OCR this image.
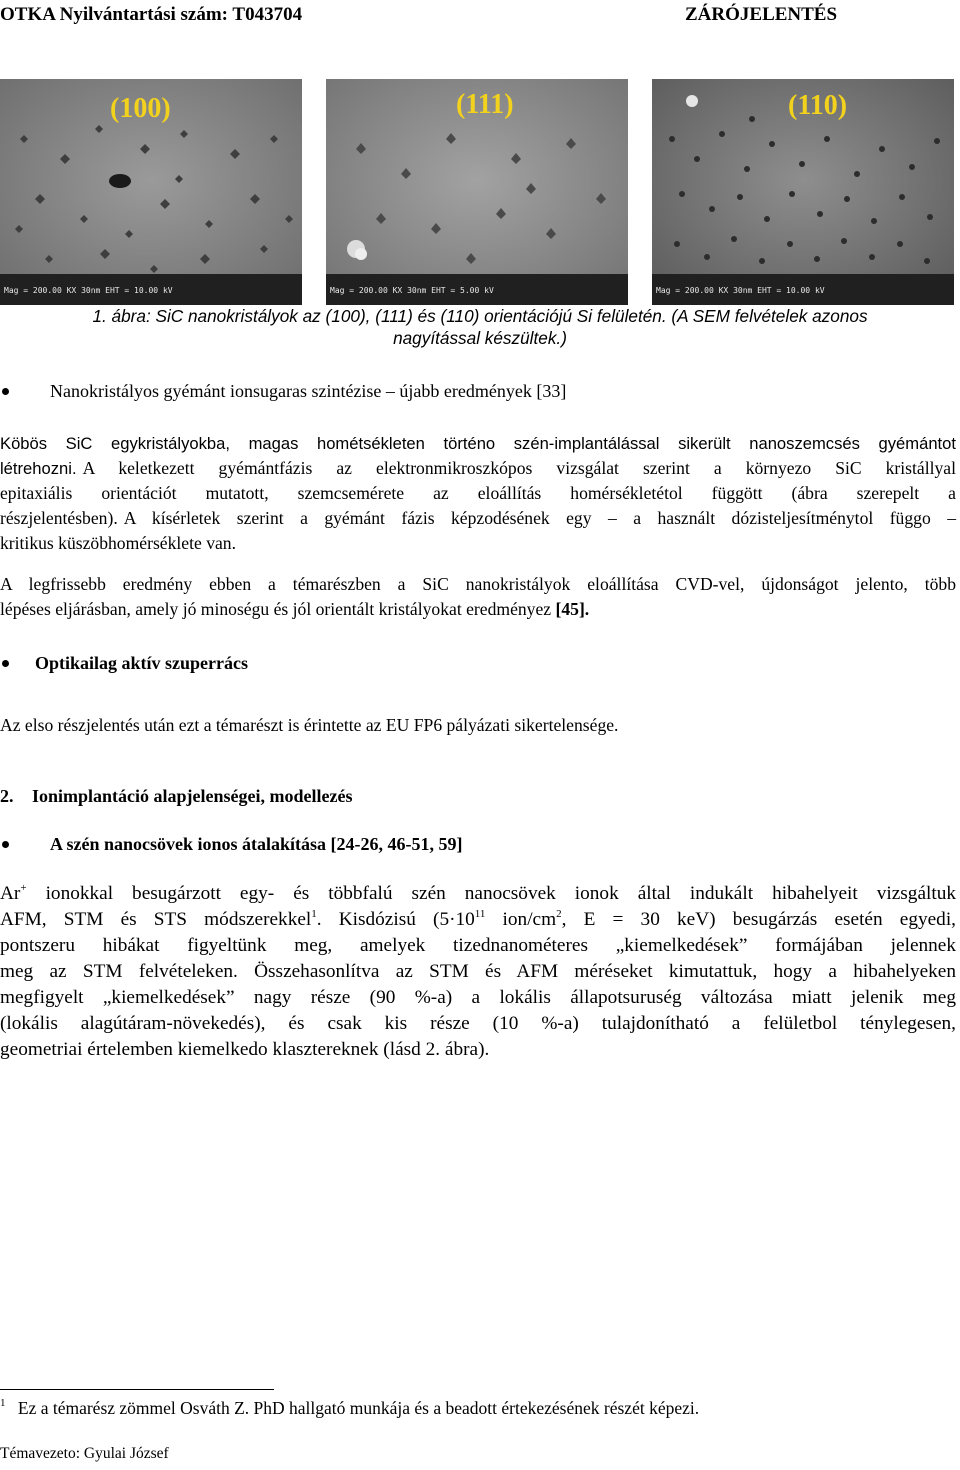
OTKA Nyilvántartási szám: T043704	ZÁRÓJELENTÉS
(100)
Mag = 200.00 KX 30nm EHT = 10.00 kV
(111)
Mag = 200.00 KX 30nm EHT = 5.00 kV
(110)
Mag = 200.00 KX 30nm EHT = 10.00 kV
1. ábra: SiC nanokristályok az (100), (111) és (110) orientációjú Si felületén. (A SEM felvételek azonos
nagyítással készültek.)
Nanokristályos gyémánt ionsugaras szintézise – újabb eredmények [33]
Köbös SiC egykristályokba, magas hométsékleten történo szén-implantálással sikerült nanoszemcsés gyémántot
létrehozni. A keletkezett gyémántfázis az elektronmikroszkópos vizsgálat szerint a környezo SiC kristállyal
epitaxiális orientációt mutatott, szemcsemérete az eloállítás homérsékletétol függött (ábra szerepelt a
részjelentésben). A kísérletek szerint a gyémánt fázis képzodésének egy – a használt dózisteljesítménytol függo –
kritikus küszöbhomérséklete van.
A legfrissebb eredmény ebben a témarészben a SiC nanokristályok eloállítása CVD-vel, újdonságot jelento, több
lépéses eljárásban, amely jó minoségu és jól orientált kristályokat eredményez [45].
Optikailag aktív szuperrács
Az elso részjelentés után ezt a témarészt is érintette az EU FP6 pályázati sikertelensége.
2. Ionimplantáció alapjelenségei, modellezés
A szén nanocsövek ionos átalakítása [24-26, 46-51, 59]
Ar+ ionokkal besugárzott egy- és többfalú szén nanocsövek ionok által indukált hibahelyeit vizsgáltuk
AFM, STM és STS módszerekkel$^1$. Kisdózisú ($5\cdot 10^{11}$ ion/$cm^2$, E = 30 keV) besugárzás esetén egyedi,
pontszeru hibákat figyeltünk meg, amelyek tizednanométeres „kiemelkedések” formájában jelennek
meg az STM felvételeken. Összehasonlítva az STM és AFM méréseket kimutattuk, hogy a hibahelyeken
megfigyelt „kiemelkedések” nagy része (90 %-a) a lokális állapotsuruség változása miatt jelenik meg
(lokális alagútáram-növekedés), és csak kis része (10 %-a) tulajdonítható a felületbol ténylegesen,
geometriai értelemben kiemelkedo klasztereknek (lásd 2. ábra).
$^1$ Ez a témarész zömmel Osváth Z. PhD hallgató munkája és a beadott értekezésének részét képezi.
Témavezeto: Gyulai József
